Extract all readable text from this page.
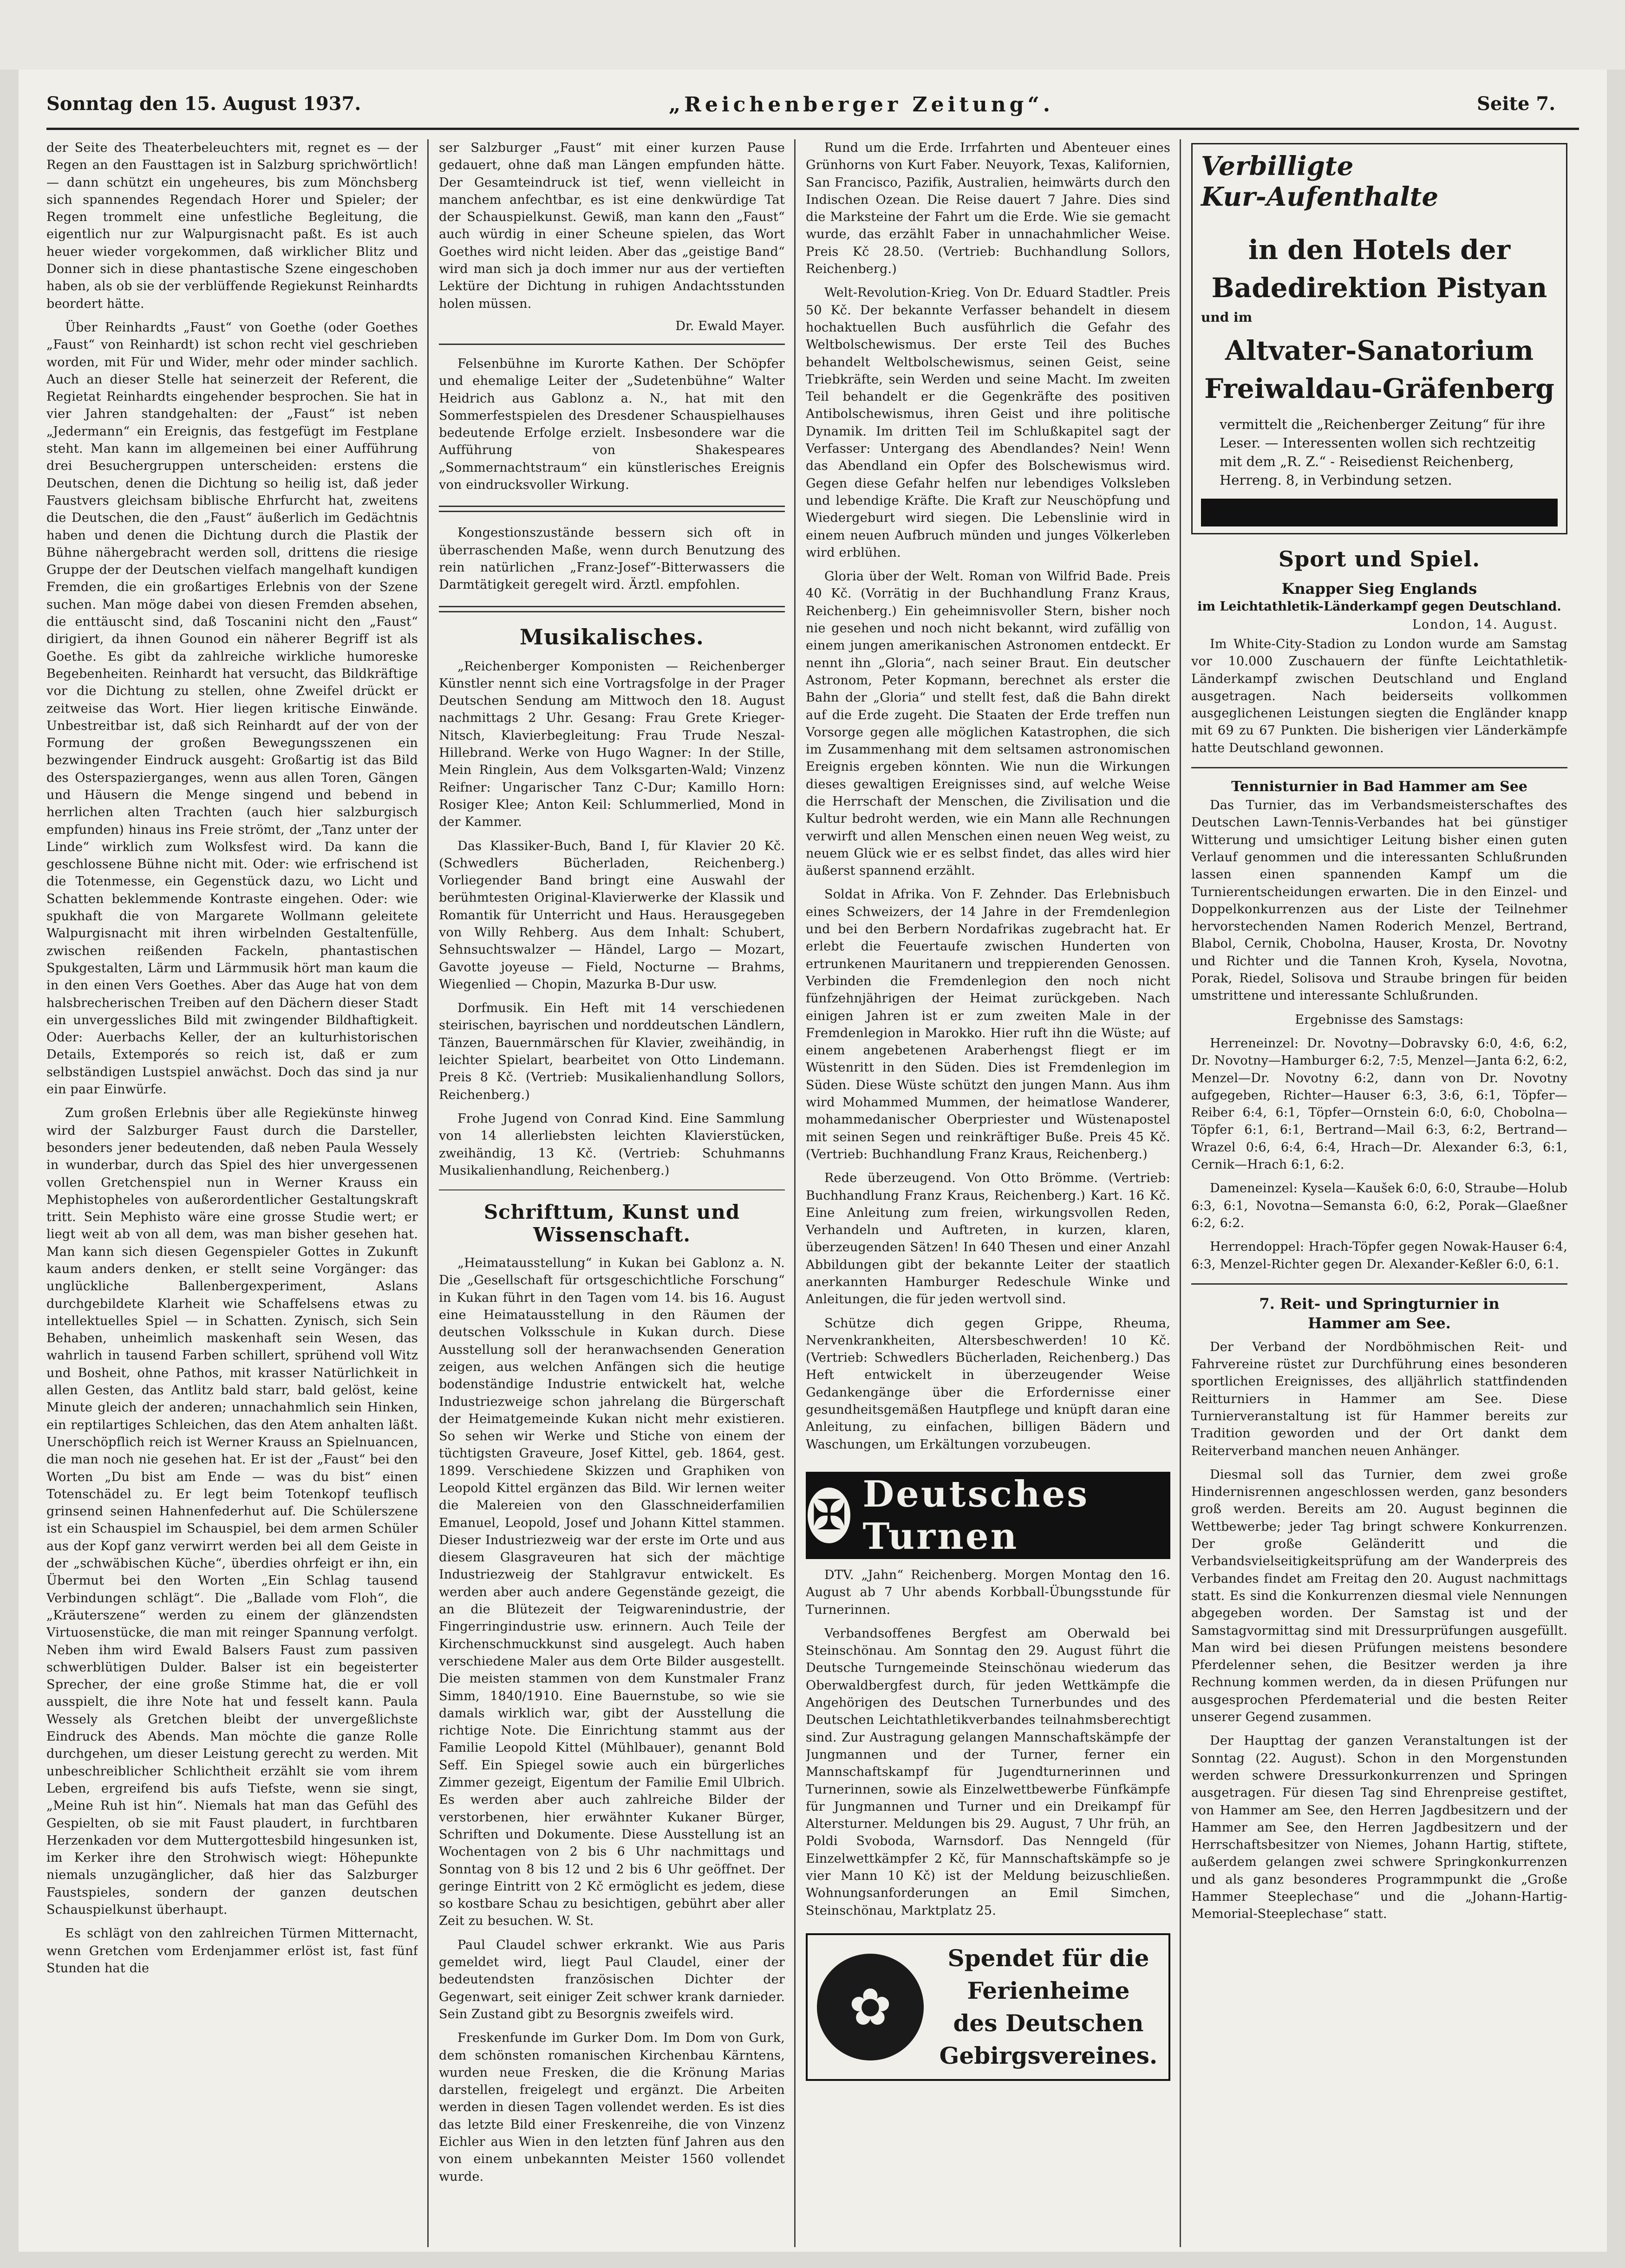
Sonntag den 15. August 1937.	„Reichenberger Zeitung“.	Seite 7.

der Seite des Theaterbeleuchters mit, regnet es — der Regen an den Fausttagen ist in Salzburg sprichwörtlich! — dann schützt ein ungeheures, bis zum Mönchsberg sich spannendes Regendach Horer und Spieler; der Regen trommelt eine unfestliche Begleitung, die eigentlich nur zur Walpurgisnacht paßt. Es ist auch heuer wieder vorgekommen, daß wirklicher Blitz und Donner sich in diese phantastische Szene eingeschoben haben, als ob sie der verblüffende Regiekunst Reinhardts beordert hätte.

Über Reinhardts „Faust“ von Goethe (oder Goethes „Faust“ von Reinhardt) ist schon recht viel geschrieben worden, mit Für und Wider, mehr oder minder sachlich. Auch an dieser Stelle hat seinerzeit der Referent, die Regietat Reinhardts eingehender besprochen. Sie hat in vier Jahren standgehalten: der „Faust“ ist neben „Jedermann“ ein Ereignis, das festgefügt im Festplane steht. Man kann im allgemeinen bei einer Aufführung drei Besuchergruppen unterscheiden: erstens die Deutschen, denen die Dichtung so heilig ist, daß jeder Faustvers gleichsam biblische Ehrfurcht hat, zweitens die Deutschen, die den „Faust“ äußerlich im Gedächtnis haben und denen die Dichtung durch die Plastik der Bühne nähergebracht werden soll, drittens die riesige Gruppe der der Deutschen vielfach mangelhaft kundigen Fremden, die ein großartiges Erlebnis von der Szene suchen. Man möge dabei von diesen Fremden absehen, die enttäuscht sind, daß Toscanini nicht den „Faust“ dirigiert, da ihnen Gounod ein näherer Begriff ist als Goethe. Es gibt da zahlreiche wirkliche humoreske Begebenheiten. Reinhardt hat versucht, das Bildkräftige vor die Dichtung zu stellen, ohne Zweifel drückt er zeitweise das Wort. Hier liegen kritische Einwände. Unbestreitbar ist, daß sich Reinhardt auf der von der Formung der großen Bewegungsszenen ein bezwingender Eindruck ausgeht: Großartig ist das Bild des Osterspazierganges, wenn aus allen Toren, Gängen und Häusern die Menge singend und bebend in herrlichen alten Trachten (auch hier salzburgisch empfunden) hinaus ins Freie strömt, der „Tanz unter der Linde“ wirklich zum Wolksfest wird. Da kann die geschlossene Bühne nicht mit. Oder: wie erfrischend ist die Totenmesse, ein Gegenstück dazu, wo Licht und Schatten beklemmende Kontraste eingehen. Oder: wie spukhaft die von Margarete Wollmann geleitete Walpurgisnacht mit ihren wirbelnden Gestaltenfülle, zwischen reißenden Fackeln, phantastischen Spukgestalten, Lärm und Lärmmusik hört man kaum die in den einen Vers Goethes. Aber das Auge hat von dem halsbrecherischen Treiben auf den Dächern dieser Stadt ein unvergessliches Bild mit zwingender Bildhaftigkeit. Oder: Auerbachs Keller, der an kulturhistorischen Details, Extemporés so reich ist, daß er zum selbständigen Lustspiel anwächst. Doch das sind ja nur ein paar Einwürfe.

Zum großen Erlebnis über alle Regiekünste hinweg wird der Salzburger Faust durch die Darsteller, besonders jener bedeutenden, daß neben Paula Wessely in wunderbar, durch das Spiel des hier unvergessenen vollen Gretchenspiel nun in Werner Krauss ein Mephistopheles von außerordentlicher Gestaltungskraft tritt. Sein Mephisto wäre eine grosse Studie wert; er liegt weit ab von all dem, was man bisher gesehen hat. Man kann sich diesen Gegenspieler Gottes in Zukunft kaum anders denken, er stellt seine Vorgänger: das unglückliche Ballenbergexperiment, Aslans durchgebildete Klarheit wie Schaffelsens etwas zu intellektuelles Spiel — in Schatten. Zynisch, sich Sein Behaben, unheimlich maskenhaft sein Wesen, das wahrlich in tausend Farben schillert, sprühend voll Witz und Bosheit, ohne Pathos, mit krasser Natürlichkeit in allen Gesten, das Antlitz bald starr, bald gelöst, keine Minute gleich der anderen; unnachahmlich sein Hinken, ein reptilartiges Schleichen, das den Atem anhalten läßt. Unerschöpflich reich ist Werner Krauss an Spielnuancen, die man noch nie gesehen hat. Er ist der „Faust“ bei den Worten „Du bist am Ende — was du bist“ einen Totenschädel zu. Er legt beim Totenkopf teuflisch grinsend seinen Hahnenfederhut auf. Die Schülerszene ist ein Schauspiel im Schauspiel, bei dem armen Schüler aus der Kopf ganz verwirrt werden bei all dem Geiste in der „schwäbischen Küche“, überdies ohrfeigt er ihn, ein Übermut bei den Worten „Ein Schlag tausend Verbindungen schlägt“. Die „Ballade vom Floh“, die „Kräuterszene“ werden zu einem der glänzendsten Virtuosenstücke, die man mit reinger Spannung verfolgt. Neben ihm wird Ewald Balsers Faust zum passiven schwerblütigen Dulder. Balser ist ein begeisterter Sprecher, der eine große Stimme hat, die er voll ausspielt, die ihre Note hat und fesselt kann. Paula Wessely als Gretchen bleibt der unvergeßlichste Eindruck des Abends. Man möchte die ganze Rolle durchgehen, um dieser Leistung gerecht zu werden. Mit unbeschreiblicher Schlichtheit erzählt sie vom ihrem Leben, ergreifend bis aufs Tiefste, wenn sie singt, „Meine Ruh ist hin“. Niemals hat man das Gefühl des Gespielten, ob sie mit Faust plaudert, in furchtbaren Herzenkaden vor dem Muttergottesbild hingesunken ist, im Kerker ihre den Strohwisch wiegt: Höhepunkte niemals unzugänglicher, daß hier das Salzburger Faustspieles, sondern der ganzen deutschen Schauspielkunst überhaupt.

Es schlägt von den zahlreichen Türmen Mitternacht, wenn Gretchen vom Erdenjammer erlöst ist, fast fünf Stunden hat die

ser Salzburger „Faust“ mit einer kurzen Pause gedauert, ohne daß man Längen empfunden hätte. Der Gesamteindruck ist tief, wenn vielleicht in manchem anfechtbar, es ist eine denkwürdige Tat der Schauspielkunst. Gewiß, man kann den „Faust“ auch würdig in einer Scheune spielen, das Wort Goethes wird nicht leiden. Aber das „geistige Band“ wird man sich ja doch immer nur aus der vertieften Lektüre der Dichtung in ruhigen Andachtsstunden holen müssen.

Dr. Ewald Mayer.

Felsenbühne im Kurorte Kathen. Der Schöpfer und ehemalige Leiter der „Sudetenbühne“ Walter Heidrich aus Gablonz a. N., hat mit den Sommerfestspielen des Dresdener Schauspielhauses bedeutende Erfolge erzielt. Insbesondere war die Aufführung von Shakespeares „Sommernachtstraum“ ein künstlerisches Ereignis von eindrucksvoller Wirkung.

Kongestionszustände bessern sich oft in überraschenden Maße, wenn durch Benutzung des rein natürlichen „Franz-Josef“-Bitterwassers die Darmtätigkeit geregelt wird. Ärztl. empfohlen.

Musikalisches.

„Reichenberger Komponisten — Reichenberger Künstler nennt sich eine Vortragsfolge in der Prager Deutschen Sendung am Mittwoch den 18. August nachmittags 2 Uhr. Gesang: Frau Grete Krieger-Nitsch, Klavierbegleitung: Frau Trude Neszal-Hillebrand. Werke von Hugo Wagner: In der Stille, Mein Ringlein, Aus dem Volksgarten-Wald; Vinzenz Reifner: Ungarischer Tanz C-Dur; Kamillo Horn: Rosiger Klee; Anton Keil: Schlummerlied, Mond in der Kammer.

Das Klassiker-Buch, Band I, für Klavier 20 Kč. (Schwedlers Bücherladen, Reichenberg.) Vorliegender Band bringt eine Auswahl der berühmtesten Original-Klavierwerke der Klassik und Romantik für Unterricht und Haus. Herausgegeben von Willy Rehberg. Aus dem Inhalt: Schubert, Sehnsuchtswalzer — Händel, Largo — Mozart, Gavotte joyeuse — Field, Nocturne — Brahms, Wiegenlied — Chopin, Mazurka B-Dur usw.

Dorfmusik. Ein Heft mit 14 verschiedenen steirischen, bayrischen und norddeutschen Ländlern, Tänzen, Bauernmärschen für Klavier, zweihändig, in leichter Spielart, bearbeitet von Otto Lindemann. Preis 8 Kč. (Vertrieb: Musikalienhandlung Sollors, Reichenberg.)

Frohe Jugend von Conrad Kind. Eine Sammlung von 14 allerliebsten leichten Klavierstücken, zweihändig, 13 Kč. (Vertrieb: Schuhmanns Musikalienhandlung, Reichenberg.)

Schrifttum, Kunst und Wissenschaft.

„Heimatausstellung“ in Kukan bei Gablonz a. N. Die „Gesellschaft für ortsgeschichtliche Forschung“ in Kukan führt in den Tagen vom 14. bis 16. August eine Heimatausstellung in den Räumen der deutschen Volksschule in Kukan durch. Diese Ausstellung soll der heranwachsenden Generation zeigen, aus welchen Anfängen sich die heutige bodenständige Industrie entwickelt hat, welche Industriezweige schon jahrelang die Bürgerschaft der Heimatgemeinde Kukan nicht mehr existieren. So sehen wir Werke und Stiche von einem der tüchtigsten Graveure, Josef Kittel, geb. 1864, gest. 1899. Verschiedene Skizzen und Graphiken von Leopold Kittel ergänzen das Bild. Wir lernen weiter die Malereien von den Glasschneiderfamilien Emanuel, Leopold, Josef und Johann Kittel stammen. Dieser Industriezweig war der erste im Orte und aus diesem Glasgraveuren hat sich der mächtige Industriezweig der Stahlgravur entwickelt. Es werden aber auch andere Gegenstände gezeigt, die an die Blütezeit der Teigwarenindustrie, der Fingerringindustrie usw. erinnern. Auch Teile der Kirchenschmuckkunst sind ausgelegt. Auch haben verschiedene Maler aus dem Orte Bilder ausgestellt. Die meisten stammen von dem Kunstmaler Franz Simm, 1840/1910. Eine Bauernstube, so wie sie damals wirklich war, gibt der Ausstellung die richtige Note. Die Einrichtung stammt aus der Familie Leopold Kittel (Mühlbauer), genannt Bold Seff. Ein Spiegel sowie auch ein bürgerliches Zimmer gezeigt, Eigentum der Familie Emil Ulbrich. Es werden aber auch zahlreiche Bilder der verstorbenen, hier erwähnter Kukaner Bürger, Schriften und Dokumente. Diese Ausstellung ist an Wochentagen von 2 bis 6 Uhr nachmittags und Sonntag von 8 bis 12 und 2 bis 6 Uhr geöffnet. Der geringe Eintritt von 2 Kč ermöglicht es jedem, diese so kostbare Schau zu besichtigen, gebührt aber aller Zeit zu besuchen. W. St.

Paul Claudel schwer erkrankt. Wie aus Paris gemeldet wird, liegt Paul Claudel, einer der bedeutendsten französischen Dichter der Gegenwart, seit einiger Zeit schwer krank darnieder. Sein Zustand gibt zu Besorgnis zweifels wird.

Freskenfunde im Gurker Dom. Im Dom von Gurk, dem schönsten romanischen Kirchenbau Kärntens, wurden neue Fresken, die die Krönung Marias darstellen, freigelegt und ergänzt. Die Arbeiten werden in diesen Tagen vollendet werden. Es ist dies das letzte Bild einer Freskenreihe, die von Vinzenz Eichler aus Wien in den letzten fünf Jahren aus den von einem unbekannten Meister 1560 vollendet wurde.

Rund um die Erde. Irrfahrten und Abenteuer eines Grünhorns von Kurt Faber. Neuyork, Texas, Kalifornien, San Francisco, Pazifik, Australien, heimwärts durch den Indischen Ozean. Die Reise dauert 7 Jahre. Dies sind die Marksteine der Fahrt um die Erde. Wie sie gemacht wurde, das erzählt Faber in unnachahmlicher Weise. Preis Kč 28.50. (Vertrieb: Buchhandlung Sollors, Reichenberg.)

Welt-Revolution-Krieg. Von Dr. Eduard Stadtler. Preis 50 Kč. Der bekannte Verfasser behandelt in diesem hochaktuellen Buch ausführlich die Gefahr des Weltbolschewismus. Der erste Teil des Buches behandelt Weltbolschewismus, seinen Geist, seine Triebkräfte, sein Werden und seine Macht. Im zweiten Teil behandelt er die Gegenkräfte des positiven Antibolschewismus, ihren Geist und ihre politische Dynamik. Im dritten Teil im Schlußkapitel sagt der Verfasser: Untergang des Abendlandes? Nein! Wenn das Abendland ein Opfer des Bolschewismus wird. Gegen diese Gefahr helfen nur lebendiges Volksleben und lebendige Kräfte. Die Kraft zur Neuschöpfung und Wiedergeburt wird siegen. Die Lebenslinie wird in einem neuen Aufbruch münden und junges Völkerleben wird erblühen.

Gloria über der Welt. Roman von Wilfrid Bade. Preis 40 Kč. (Vorrätig in der Buchhandlung Franz Kraus, Reichenberg.) Ein geheimnisvoller Stern, bisher noch nie gesehen und noch nicht bekannt, wird zufällig von einem jungen amerikanischen Astronomen entdeckt. Er nennt ihn „Gloria“, nach seiner Braut. Ein deutscher Astronom, Peter Kopmann, berechnet als erster die Bahn der „Gloria“ und stellt fest, daß die Bahn direkt auf die Erde zugeht. Die Staaten der Erde treffen nun Vorsorge gegen alle möglichen Katastrophen, die sich im Zusammenhang mit dem seltsamen astronomischen Ereignis ergeben könnten. Wie nun die Wirkungen dieses gewaltigen Ereignisses sind, auf welche Weise die Herrschaft der Menschen, die Zivilisation und die Kultur bedroht werden, wie ein Mann alle Rechnungen verwirft und allen Menschen einen neuen Weg weist, zu neuem Glück wie er es selbst findet, das alles wird hier äußerst spannend erzählt.

Soldat in Afrika. Von F. Zehnder. Das Erlebnisbuch eines Schweizers, der 14 Jahre in der Fremdenlegion und bei den Berbern Nordafrikas zugebracht hat. Er erlebt die Feuertaufe zwischen Hunderten von ertrunkenen Mauritanern und treppierenden Genossen. Verbinden die Fremdenlegion den noch nicht fünfzehnjährigen der Heimat zurückgeben. Nach einigen Jahren ist er zum zweiten Male in der Fremdenlegion in Marokko. Hier ruft ihn die Wüste; auf einem angebetenen Araberhengst fliegt er im Wüstenritt in den Süden. Dies ist Fremdenlegion im Süden. Diese Wüste schützt den jungen Mann. Aus ihm wird Mohammed Mummen, der heimatlose Wanderer, mohammedanischer Oberpriester und Wüstenapostel mit seinen Segen und reinkräftiger Buße. Preis 45 Kč. (Vertrieb: Buchhandlung Franz Kraus, Reichenberg.)

Rede überzeugend. Von Otto Brömme. (Vertrieb: Buchhandlung Franz Kraus, Reichenberg.) Kart. 16 Kč. Eine Anleitung zum freien, wirkungsvollen Reden, Verhandeln und Auftreten, in kurzen, klaren, überzeugenden Sätzen! In 640 Thesen und einer Anzahl Abbildungen gibt der bekannte Leiter der staatlich anerkannten Hamburger Redeschule Winke und Anleitungen, die für jeden wertvoll sind.

Schütze dich gegen Grippe, Rheuma, Nervenkrankheiten, Altersbeschwerden! 10 Kč. (Vertrieb: Schwedlers Bücherladen, Reichenberg.) Das Heft entwickelt in überzeugender Weise Gedankengänge über die Erfordernisse einer gesundheitsgemäßen Hautpflege und knüpft daran eine Anleitung, zu einfachen, billigen Bädern und Waschungen, um Erkältungen vorzubeugen.

✠ Deutsches Turnen

DTV. „Jahn“ Reichenberg. Morgen Montag den 16. August ab 7 Uhr abends Korbball-Übungsstunde für Turnerinnen.

Verbandsoffenes Bergfest am Oberwald bei Steinschönau. Am Sonntag den 29. August führt die Deutsche Turngemeinde Steinschönau wiederum das Oberwaldbergfest durch, für jeden Wettkämpfe die Angehörigen des Deutschen Turnerbundes und des Deutschen Leichtathletikverbandes teilnahmsberechtigt sind. Zur Austragung gelangen Mannschaftskämpfe der Jungmannen und der Turner, ferner ein Mannschaftskampf für Jugendturnerinnen und Turnerinnen, sowie als Einzelwettbewerbe Fünfkämpfe für Jungmannen und Turner und ein Dreikampf für Altersturner. Meldungen bis 29. August, 7 Uhr früh, an Poldi Svoboda, Warnsdorf. Das Nenngeld (für Einzelwettkämpfer 2 Kč, für Mannschaftskämpfe so je vier Mann 10 Kč) ist der Meldung beizuschließen. Wohnungsanforderungen an Emil Simchen, Steinschönau, Marktplatz 25.

✿
Spendet für die
Ferienheime
des Deutschen
Gebirgsvereines.
Verbilligte
Kur-Aufenthalte
in den Hotels der
Badedirektion Pistyan
und im
Altvater-Sanatorium
Freiwaldau-Gräfenberg
vermittelt die „Reichenberger Zeitung“ für ihre Leser. — Interessenten wollen sich rechtzeitig mit dem „R. Z.“ - Reisedienst Reichenberg, Herreng. 8, in Verbindung setzen.
Sport und Spiel.
Knapper Sieg Englands
im Leichtathletik-Länderkampf gegen Deutschland.
London, 14. August.

Im White-City-Stadion zu London wurde am Samstag vor 10.000 Zuschauern der fünfte Leichtathletik-Länderkampf zwischen Deutschland und England ausgetragen. Nach beiderseits vollkommen ausgeglichenen Leistungen siegten die Engländer knapp mit 69 zu 67 Punkten. Die bisherigen vier Länderkämpfe hatte Deutschland gewonnen.

Tennisturnier in Bad Hammer am See

Das Turnier, das im Verbandsmeisterschaftes des Deutschen Lawn-Tennis-Verbandes hat bei günstiger Witterung und umsichtiger Leitung bisher einen guten Verlauf genommen und die interessanten Schlußrunden lassen einen spannenden Kampf um die Turnierentscheidungen erwarten. Die in den Einzel- und Doppelkonkurrenzen aus der Liste der Teilnehmer hervorstechenden Namen Roderich Menzel, Bertrand, Blabol, Cernik, Chobolna, Hauser, Krosta, Dr. Novotny und Richter und die Tannen Kroh, Kysela, Novotna, Porak, Riedel, Solisova und Straube bringen für beiden umstrittene und interessante Schlußrunden.

Ergebnisse des Samstags:

Herreneinzel: Dr. Novotny—Dobravsky 6:0, 4:6, 6:2, Dr. Novotny—Hamburger 6:2, 7:5, Menzel—Janta 6:2, 6:2, Menzel—Dr. Novotny 6:2, dann von Dr. Novotny aufgegeben, Richter—Hauser 6:3, 3:6, 6:1, Töpfer—Reiber 6:4, 6:1, Töpfer—Ornstein 6:0, 6:0, Chobolna—Töpfer 6:1, 6:1, Bertrand—Mail 6:3, 6:2, Bertrand—Wrazel 0:6, 6:4, 6:4, Hrach—Dr. Alexander 6:3, 6:1, Cernik—Hrach 6:1, 6:2.

Dameneinzel: Kysela—Kaušek 6:0, 6:0, Straube—Holub 6:3, 6:1, Novotna—Semansta 6:0, 6:2, Porak—Glaeßner 6:2, 6:2.

Herrendoppel: Hrach-Töpfer gegen Nowak-Hauser 6:4, 6:3, Menzel-Richter gegen Dr. Alexander-Keßler 6:0, 6:1.

7. Reit- und Springturnier in
Hammer am See.

Der Verband der Nordböhmischen Reit- und Fahrvereine rüstet zur Durchführung eines besonderen sportlichen Ereignisses, des alljährlich stattfindenden Reitturniers in Hammer am See. Diese Turnierveranstaltung ist für Hammer bereits zur Tradition geworden und der Ort dankt dem Reiterverband manchen neuen Anhänger.

Diesmal soll das Turnier, dem zwei große Hindernisrennen angeschlossen werden, ganz besonders groß werden. Bereits am 20. August beginnen die Wettbewerbe; jeder Tag bringt schwere Konkurrenzen. Der große Geländeritt und die Verbandsvielseitigkeitsprüfung am der Wanderpreis des Verbandes findet am Freitag den 20. August nachmittags statt. Es sind die Konkurrenzen diesmal viele Nennungen abgegeben worden. Der Samstag ist und der Samstagvormittag sind mit Dressurprüfungen ausgefüllt. Man wird bei diesen Prüfungen meistens besondere Pferdelenner sehen, die Besitzer werden ja ihre Rechnung kommen werden, da in diesen Prüfungen nur ausgesprochen Pferdematerial und die besten Reiter unserer Gegend zusammen.

Der Haupttag der ganzen Veranstaltungen ist der Sonntag (22. August). Schon in den Morgenstunden werden schwere Dressurkonkurrenzen und Springen ausgetragen. Für diesen Tag sind Ehrenpreise gestiftet, von Hammer am See, den Herren Jagdbesitzern und der Hammer am See, den Herren Jagdbesitzern und der Herrschaftsbesitzer von Niemes, Johann Hartig, stiftete, außerdem gelangen zwei schwere Springkonkurrenzen und als ganz besonderes Programmpunkt die „Große Hammer Steeplechase“ und die „Johann-Hartig-Memorial-Steeplechase“ statt.
